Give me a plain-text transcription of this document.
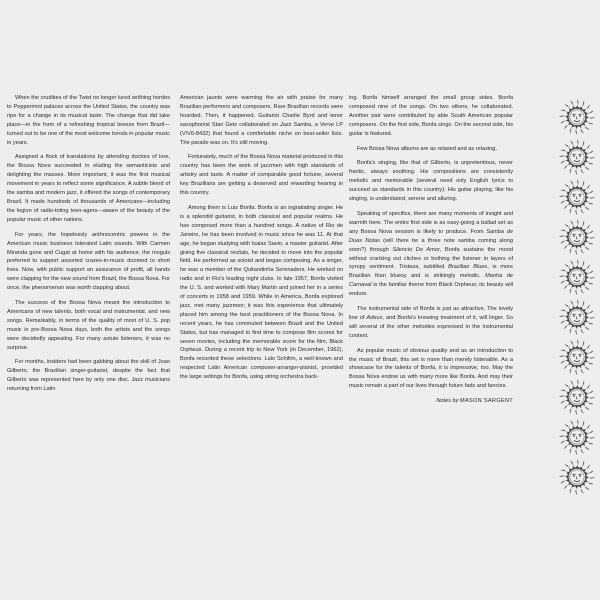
When the crudities of the Twist no longer lured writhing hordes to Peppermint palaces across the United States, the country was ripe for a change in its musical taste. The change that did take place—in the form of a refreshing tropical breeze from Brazil—turned out to be one of the most welcome trends in popular music in years.

Assigned a flock of translations by attending doctors of lore, the Bossa Nova succeeded in eluding the semanticists and delighting the masses. More important, it was the first musical movement in years to reflect some significance. A subtle blend of the samba and modern jazz, it offered the songs of contemporary Brazil. It made hundreds of thousands of Americans—including the legion of radio-toting teen-agers—aware of the beauty of the popular music of other nations.

For years, the hopelessly anthnocentric powers in the American music business tolerated Latin sounds. With Carmen Miranda gone and Cugat at home with his audience, the moguls preferred to support assorted crazes-in-music doomed to short lives. Now, with public support an assurance of profit, all hands were clapping for the new sound from Brazil, the Bossa Nova. For once, the phenomenon was worth clapping about.

The success of the Bossa Nova meant the introduction to Americans of new talents, both vocal and instrumental, and new songs. Remarkably, in terms of the quality of most of U. S. pop music in pre-Bossa Nova days, both the artists and the songs were decidedly appealing. For many astute listeners, it was no surprise.

For months, insiders had been gabbing about the skill of Joao Gilberto, the Brazilian singer-guitarist, despite the fact that Gilberto was represented here by only one disc. Jazz musicians returning from Latin

American jaunts were warming the air with praise for many Brazilian performers and composers. Rare Brazilian records were hoarded. Then, it happened. Guitarist Charlie Byrd and tenor saxophonist Stan Getz collaborated on Jazz Samba, a Verve LP (V/V6-8432) that found a comfortable niche on best-seller lists. The parade was on. It's still moving.

Fortunately, much of the Bossa Nova material produced in this country has been the work of jazzmen with high standards of artistry and taste. A matter of comparable good fortune, several key Brazilians are getting a deserved and rewarding hearing in this country.

Among them is Luiz Bonfa. Bonfa is an ingratiating singer. He is a splendid guitarist, in both classical and popular realms. He has composed more than a hundred songs. A native of Rio de Janeiro, he has been involved in music since he was 11. At that age, he began studying with Isaias Savio, a master guitarist. After giving five classical recitals, he decided to move into the popular field. He performed as soloist and began composing. As a singer, he was a member of the Quitandinha Serenaders. He worked on radio and in Rio's leading night clubs. In late 1957, Bonfa visited the U. S. and worked with Mary Martin and joined her in a series of concerts in 1958 and 1959. While in America, Bonfa explored jazz, met many jazzmen; it was this experience that ultimately placed him among the best practitioners of the Bossa Nova. In recent years, he has commuted between Brazil and the United States, but has managed to find time to compose film scores for seven movies, including the memorable score for the film, Black Orpheus. During a recent trip to New York (in December, 1962), Bonfa recorded these selections. Lalo Schifrin, a well-known and respected Latin American composer-arranger-pianist, provided the large settings for Bonfa, using string orchestra back-

ing. Bonfa himself arranged the small group sides. Bonfa composed nine of the songs. On two others, he collaborated. Another pair were contributed by able South American popular composers. On the first side, Bonfa sings. On the second side, his guitar is featured.

Few Bossa Nova albums are as relaxed and as relaxing.

Bonfa's singing, like that of Gilberto, is unpretentious, never frantic, always soothing. His compositions are consistently melodic and memorable (several need only English lyrics to succeed as standards in this country). His guitar playing, like his singing, is understated, serene and alluring.

Speaking of specifics, there are many moments of insight and warmth here. The entire first side is as easy-going a ballad set as any Bossa Nova session is likely to produce. From Samba de Duas Notas (will there be a three note samba coming along soon?) through Silencio Do Amor, Bonfa sustains the mood without cranking out cliches or bothing the listener in layers of syrupy sentiment. Tristeza, subtitled Brazilian Blues, is more Brazilian than bluesy and is strikingly melodic. Manha de Carnaval is the familiar theme from Black Orpheus; its beauty will endure.

The instrumental side of Bonfa is just as attractive. The lovely line of Adeus, and Bonfa's knowing treatment of it, will linger. So will several of the other melodies expressed in the instrumental context.

As popular music of obvious quality and as an introduction to the music of Brazil, this set is more than merely listenable. As a showcase for the talents of Bonfa, it is impressive, too. May the Bossa Nova endow us with many more like Bonfa. And may their music remain a part of our lives through future fads and fancies.

Notes by MASON SARGENT
